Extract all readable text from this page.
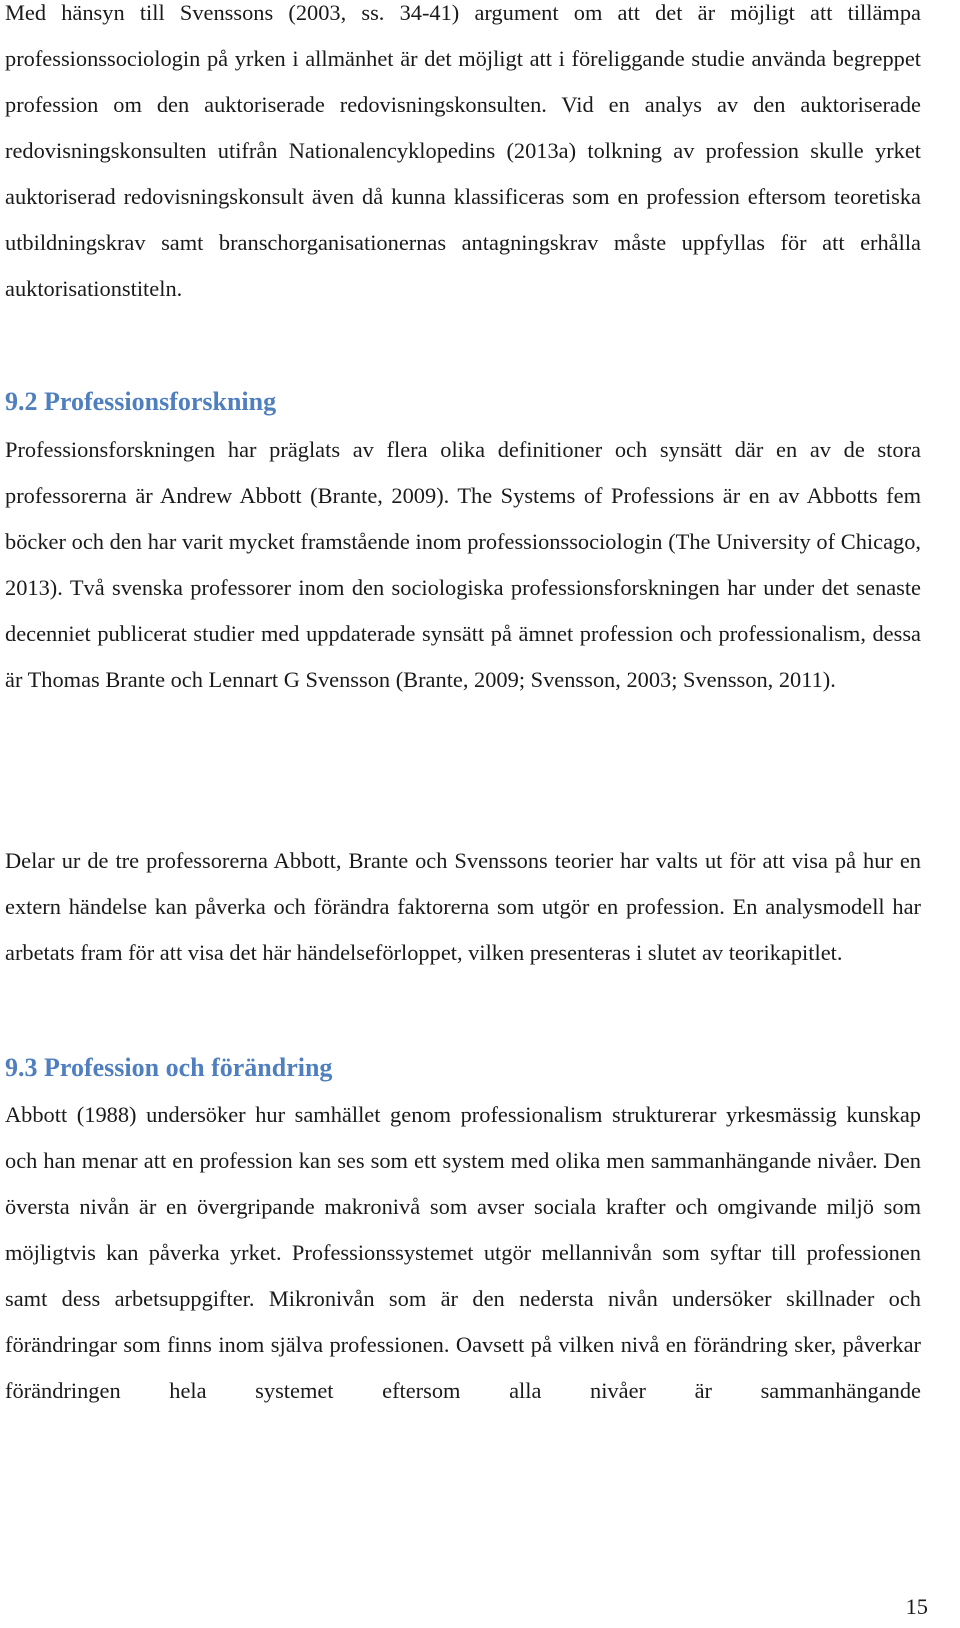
Med hänsyn till Svenssons (2003, ss. 34-41) argument om att det är möjligt att tillämpa professionssociologin på yrken i allmänhet är det möjligt att i föreliggande studie använda begreppet profession om den auktoriserade redovisningskonsulten. Vid en analys av den auktoriserade redovisningskonsulten utifrån Nationalencyklopedins (2013a) tolkning av profession skulle yrket auktoriserad redovisningskonsult även då kunna klassificeras som en profession eftersom teoretiska utbildningskrav samt branschorganisationernas antagningskrav måste uppfyllas för att erhålla auktorisationstiteln.

9.2 Professionsforskning

Professionsforskningen har präglats av flera olika definitioner och synsätt där en av de stora professorerna är Andrew Abbott (Brante, 2009). The Systems of Professions är en av Abbotts fem böcker och den har varit mycket framstående inom professionssociologin (The University of Chicago, 2013). Två svenska professorer inom den sociologiska professionsforskningen har under det senaste decenniet publicerat studier med uppdaterade synsätt på ämnet profession och professionalism, dessa är Thomas Brante och Lennart G Svensson (Brante, 2009; Svensson, 2003; Svensson, 2011).

Delar ur de tre professorerna Abbott, Brante och Svenssons teorier har valts ut för att visa på hur en extern händelse kan påverka och förändra faktorerna som utgör en profession. En analysmodell har arbetats fram för att visa det här händelseförloppet, vilken presenteras i slutet av teorikapitlet.

9.3 Profession och förändring

Abbott (1988) undersöker hur samhället genom professionalism strukturerar yrkesmässig kunskap och han menar att en profession kan ses som ett system med olika men sammanhängande nivåer. Den översta nivån är en övergripande makronivå som avser sociala krafter och omgivande miljö som möjligtvis kan påverka yrket. Professionssystemet utgör mellannivån som syftar till professionen samt dess arbetsuppgifter. Mikronivån som är den nedersta nivån undersöker skillnader och förändringar som finns inom själva professionen. Oavsett på vilken nivå en förändring sker, påverkar förändringen hela systemet eftersom alla nivåer är sammanhängande

15
